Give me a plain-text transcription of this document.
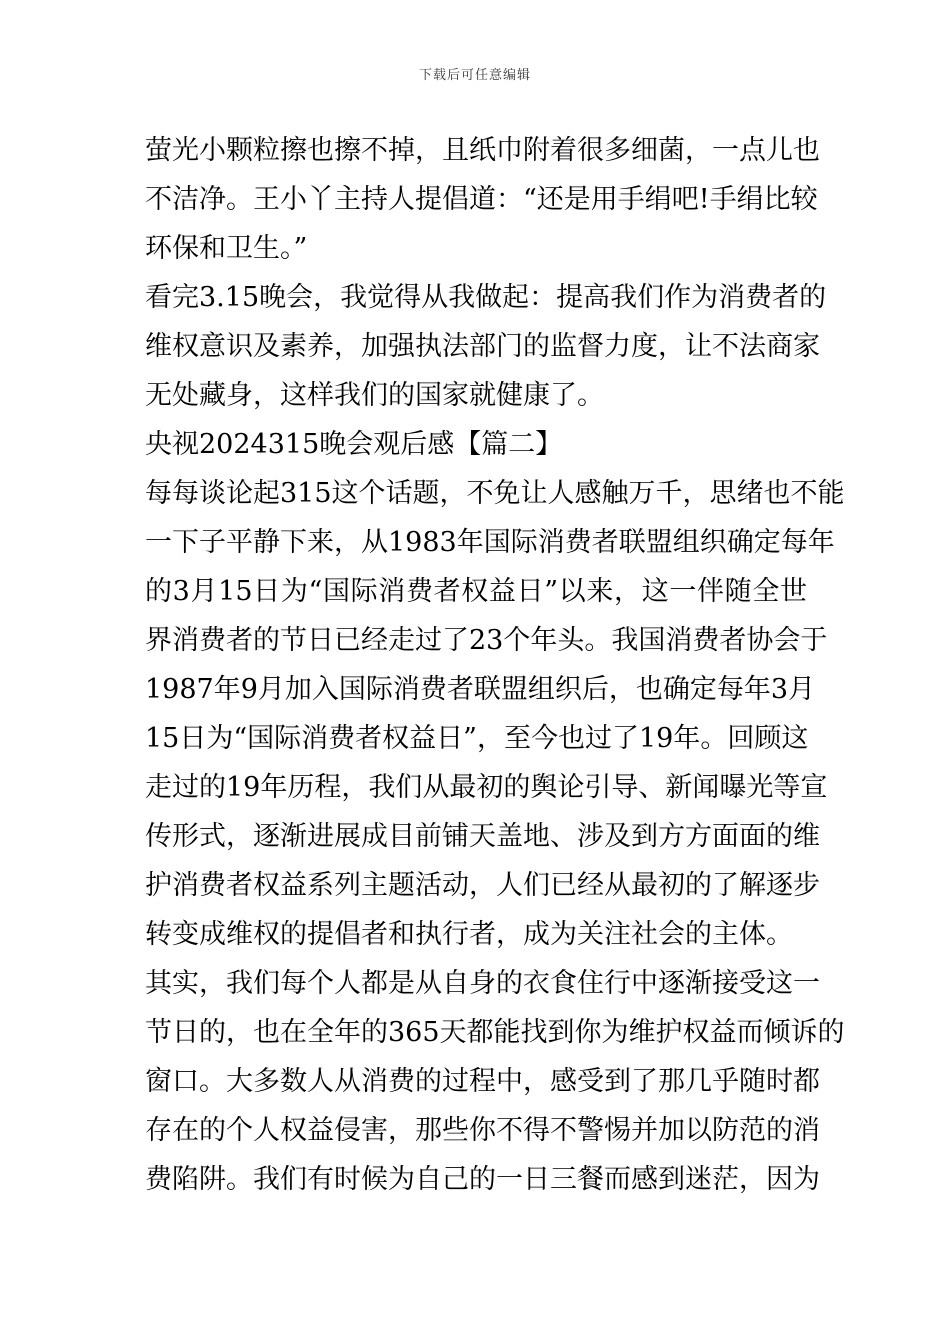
下载后可任意编辑
萤光小颗粒擦也擦不掉，且纸巾附着很多细菌，一点儿也
不洁净。王小丫主持人提倡道：“还是用手绢吧!手绢比较
环保和卫生。”
看完3.15晚会，我觉得从我做起：提高我们作为消费者的
维权意识及素养，加强执法部门的监督力度，让不法商家
无处藏身，这样我们的国家就健康了。
央视2024315晚会观后感【篇二】
每每谈论起315这个话题，不免让人感触万千，思绪也不能
一下子平静下来，从1983年国际消费者联盟组织确定每年
的3月15日为“国际消费者权益日”以来，这一伴随全世
界消费者的节日已经走过了23个年头。我国消费者协会于
1987年9月加入国际消费者联盟组织后，也确定每年3月
15日为“国际消费者权益日”，至今也过了19年。回顾这
走过的19年历程，我们从最初的舆论引导、新闻曝光等宣
传形式，逐渐进展成目前铺天盖地、涉及到方方面面的维
护消费者权益系列主题活动，人们已经从最初的了解逐步
转变成维权的提倡者和执行者，成为关注社会的主体。
其实，我们每个人都是从自身的衣食住行中逐渐接受这一
节日的，也在全年的365天都能找到你为维护权益而倾诉的
窗口。大多数人从消费的过程中，感受到了那几乎随时都
存在的个人权益侵害，那些你不得不警惕并加以防范的消
费陷阱。我们有时候为自己的一日三餐而感到迷茫，因为
